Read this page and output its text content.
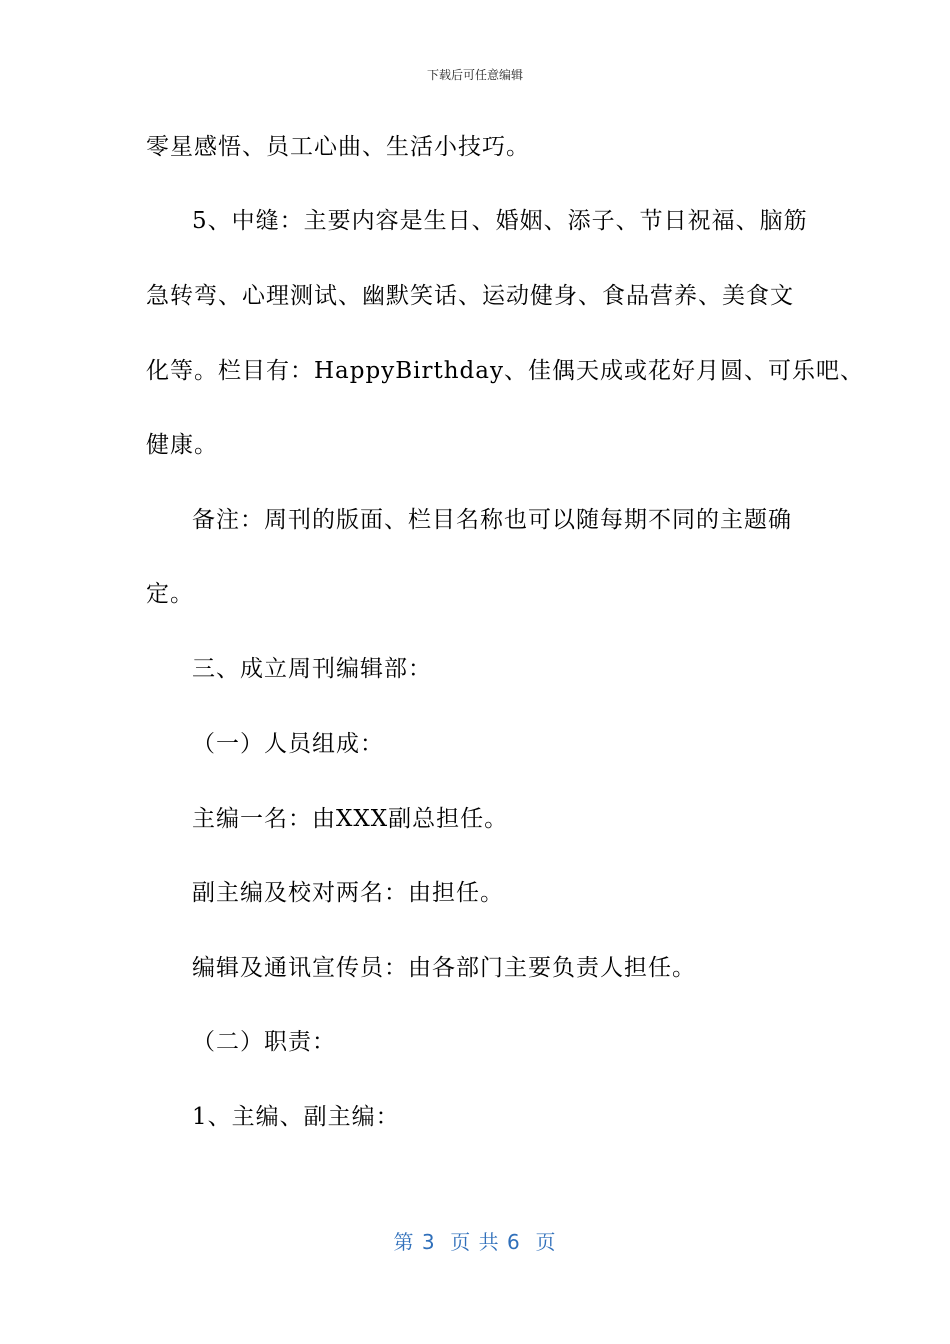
下载后可任意编辑
零星感悟、员工心曲、生活小技巧。
5、中缝：主要内容是生日、婚姻、添子、节日祝福、脑筋
急转弯、心理测试、幽默笑话、运动健身、食品营养、美食文
化等。栏目有：HappyBirthday、佳偶天成或花好月圆、可乐吧、
健康。
备注：周刊的版面、栏目名称也可以随每期不同的主题确
定。
三、成立周刊编辑部：
（一）人员组成：
主编一名：由XXX副总担任。
副主编及校对两名：由担任。
编辑及通讯宣传员：由各部门主要负责人担任。
（二）职责：
1、主编、副主编：
第 3  页 共 6  页
